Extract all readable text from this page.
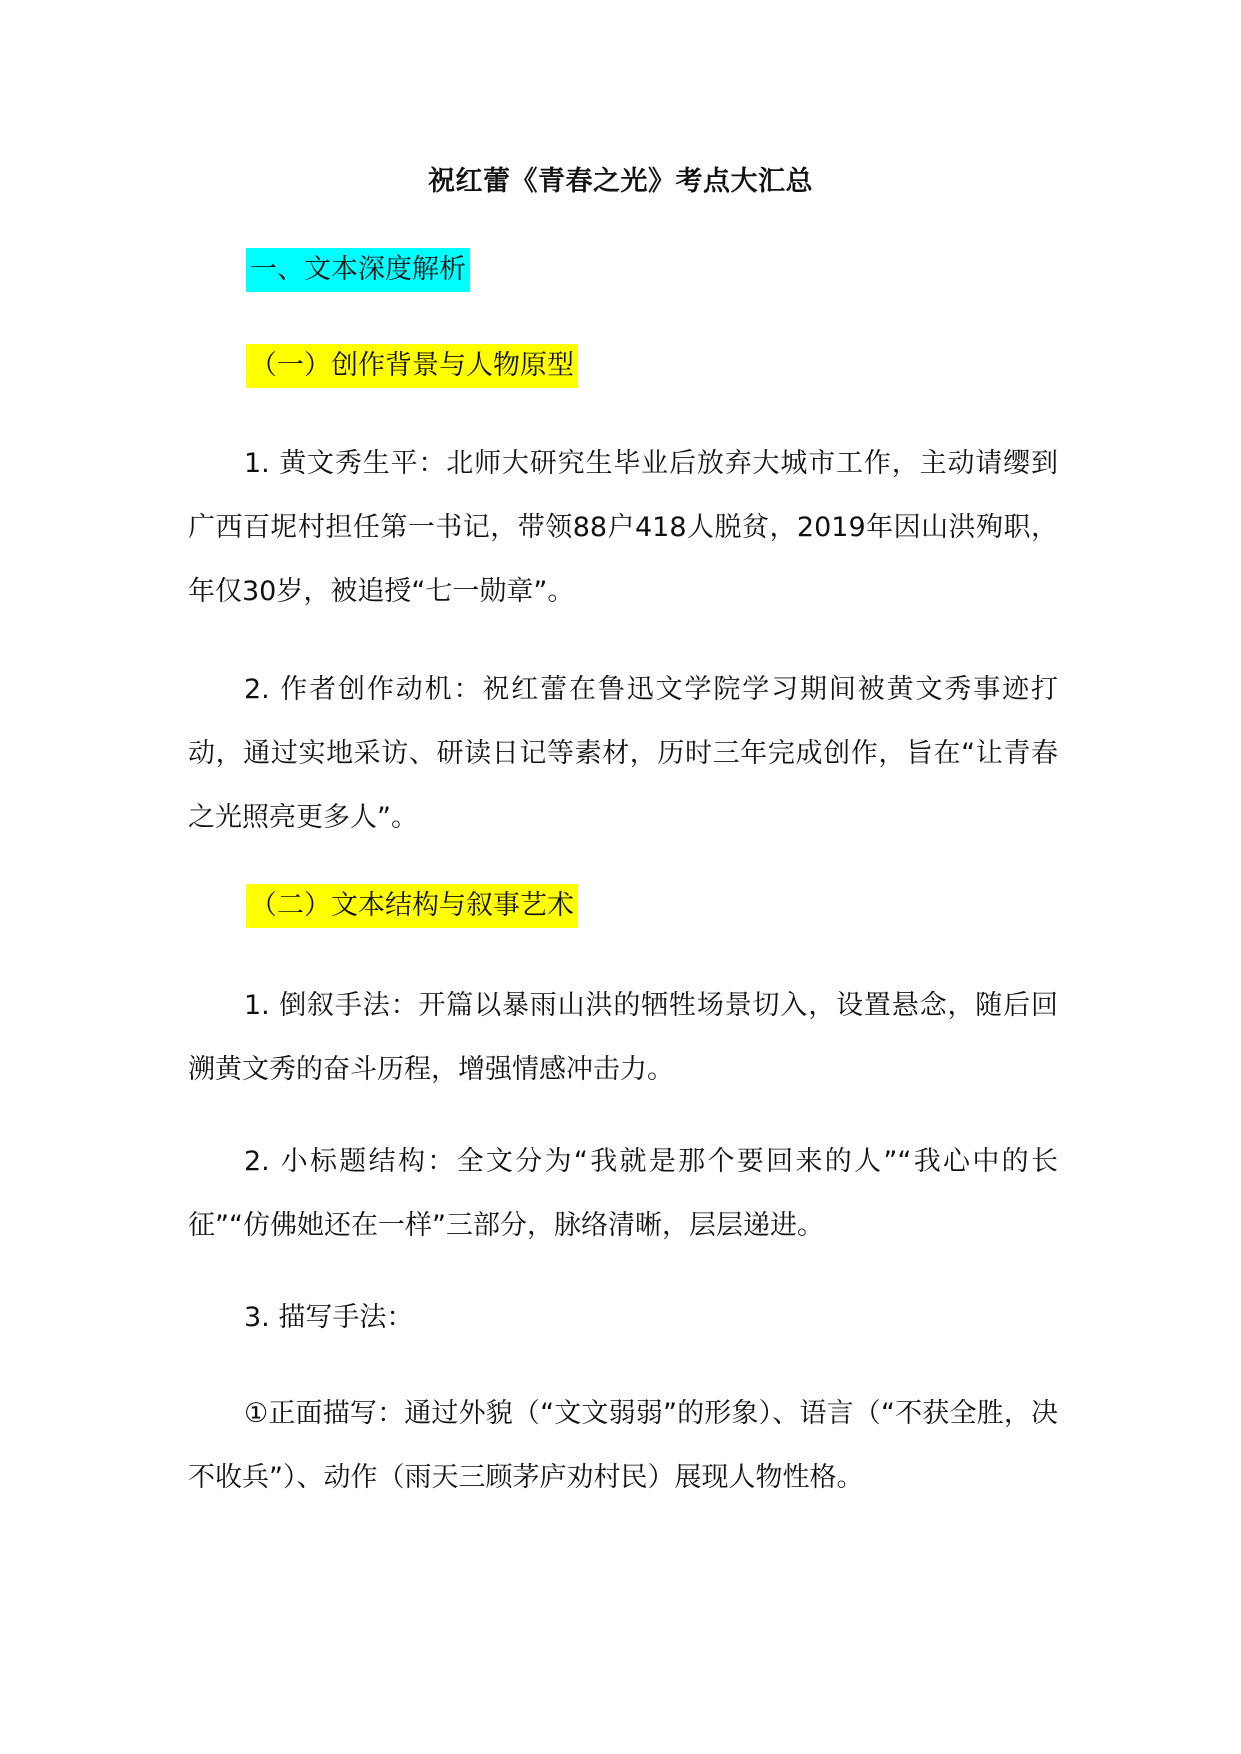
祝红蕾《青春之光》考点大汇总
一、文本深度解析
（一）创作背景与人物原型

1. 黄文秀生平：北师大研究生毕业后放弃大城市工作，主动请缨到广西百坭村担任第一书记，带领88户418人脱贫，2019年因山洪殉职，年仅30岁，被追授“七一勋章”。

2. 作者创作动机：祝红蕾在鲁迅文学院学习期间被黄文秀事迹打动，通过实地采访、研读日记等素材，历时三年完成创作，旨在“让青春之光照亮更多人”。

（二）文本结构与叙事艺术

1. 倒叙手法：开篇以暴雨山洪的牺牲场景切入，设置悬念，随后回溯黄文秀的奋斗历程，增强情感冲击力。

2. 小标题结构：全文分为“我就是那个要回来的人”“我心中的长征”“仿佛她还在一样”三部分，脉络清晰，层层递进。

3. 描写手法：

①正面描写：通过外貌（“文文弱弱”的形象）、语言（“不获全胜，决不收兵”）、动作（雨天三顾茅庐劝村民）展现人物性格。
